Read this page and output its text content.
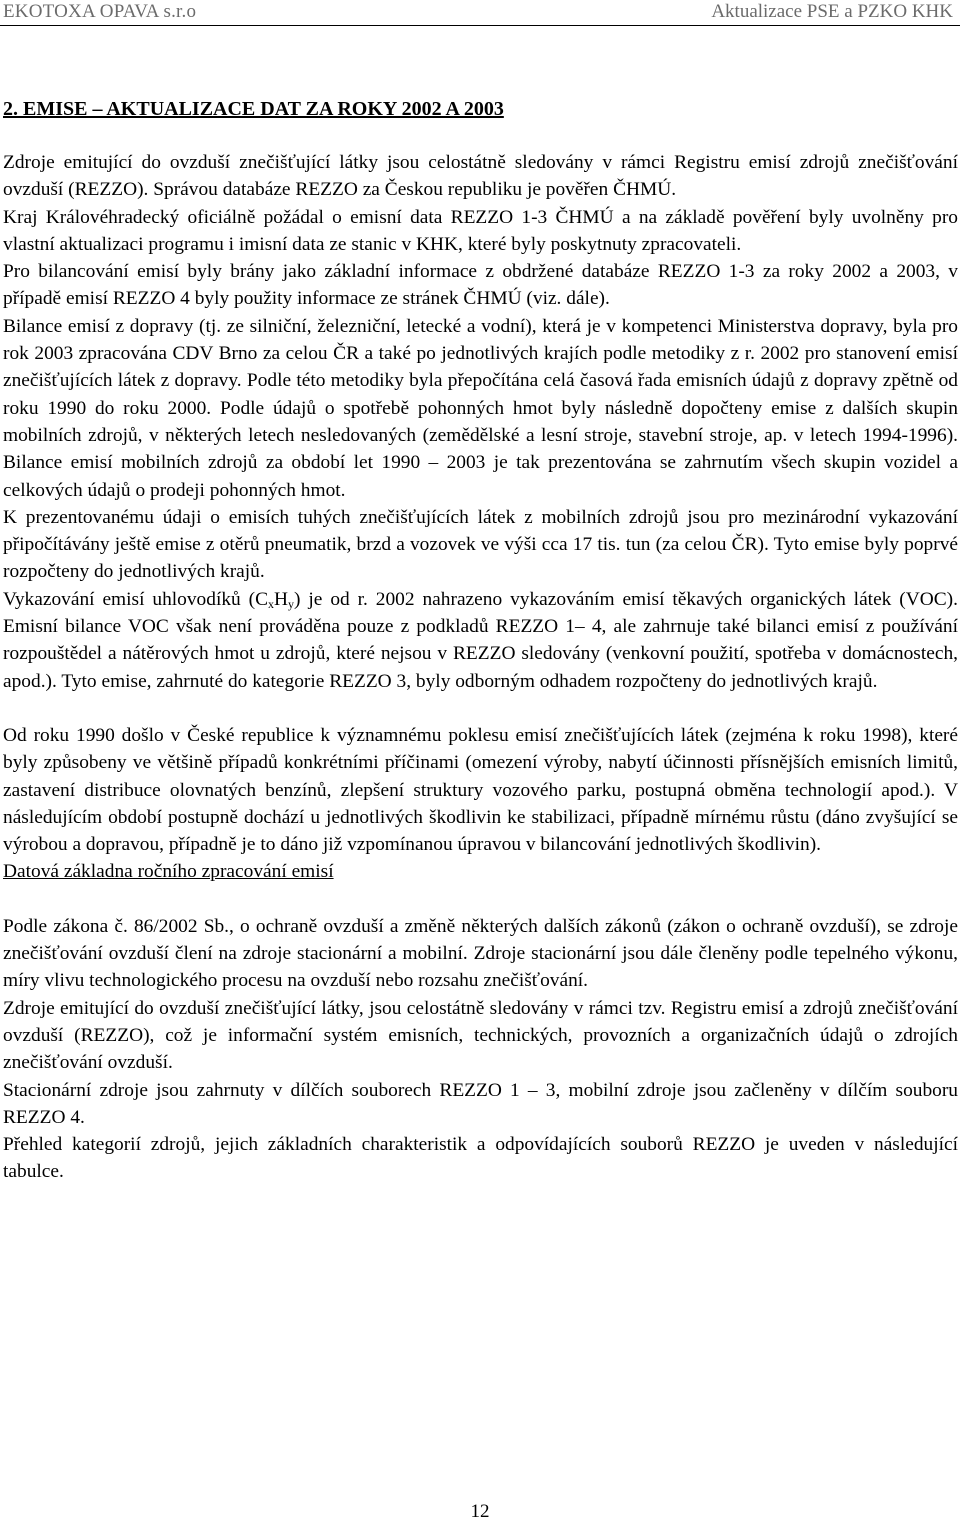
EKOTOXA OPAVA s.r.o	Aktualizace PSE a PZKO KHK
2. EMISE – AKTUALIZACE DAT ZA ROKY 2002 A 2003

Zdroje emitující do ovzduší znečišťující látky jsou celostátně sledovány v rámci Registru emisí zdrojů znečišťování ovzduší (REZZO). Správou databáze REZZO za Českou republiku je pověřen ČHMÚ.

Kraj Královéhradecký oficiálně požádal o emisní data REZZO 1-3 ČHMÚ a na základě pověření byly uvolněny pro vlastní aktualizaci programu i imisní data ze stanic v KHK, které byly poskytnuty zpracovateli.

Pro bilancování emisí byly brány jako základní informace z obdržené databáze REZZO 1-3 za roky 2002 a 2003, v případě emisí REZZO 4 byly použity informace ze stránek ČHMÚ (viz. dále).

Bilance emisí z dopravy (tj. ze silniční, železniční, letecké a vodní), která je v kompetenci Ministerstva dopravy, byla pro rok 2003 zpracována CDV Brno za celou ČR a také po jednotlivých krajích podle metodiky z r. 2002 pro stanovení emisí znečišťujících látek z dopravy. Podle této metodiky byla přepočítána celá časová řada emisních údajů z dopravy zpětně od roku 1990 do roku 2000. Podle údajů o spotřebě pohonných hmot byly následně dopočteny emise z dalších skupin mobilních zdrojů, v některých letech nesledovaných (zemědělské a lesní stroje, stavební stroje, ap. v letech 1994-1996). Bilance emisí mobilních zdrojů za období let 1990 – 2003 je tak prezentována se zahrnutím všech skupin vozidel a celkových údajů o prodeji pohonných hmot.

K prezentovanému údaji o emisích tuhých znečišťujících látek z mobilních zdrojů jsou pro mezinárodní vykazování připočítávány ještě emise z otěrů pneumatik, brzd a vozovek ve výši cca 17 tis. tun (za celou ČR). Tyto emise byly poprvé rozpočteny do jednotlivých krajů.

Vykazování emisí uhlovodíků $(C_xH_y)$ je od r. 2002 nahrazeno vykazováním emisí těkavých organických látek (VOC). Emisní bilance VOC však není prováděna pouze z podkladů REZZO 1– 4, ale zahrnuje také bilanci emisí z používání rozpouštědel a nátěrových hmot u zdrojů, které nejsou v REZZO sledovány (venkovní použití, spotřeba v domácnostech, apod.). Tyto emise, zahrnuté do kategorie REZZO 3, byly odborným odhadem rozpočteny do jednotlivých krajů.

Od roku 1990 došlo v České republice k významnému poklesu emisí znečišťujících látek (zejména k roku 1998), které byly způsobeny ve většině případů konkrétními příčinami (omezení výroby, nabytí účinnosti přísnějších emisních limitů, zastavení distribuce olovnatých benzínů, zlepšení struktury vozového parku, postupná obměna technologií apod.). V následujícím období postupně dochází u jednotlivých škodlivin ke stabilizaci, případně mírnému růstu (dáno zvyšující se výrobou a dopravou, případně je to dáno již vzpomínanou úpravou v bilancování jednotlivých škodlivin).

Datová základna ročního zpracování emisí

Podle zákona č. 86/2002 Sb., o ochraně ovzduší a změně některých dalších zákonů (zákon o ochraně ovzduší), se zdroje znečišťování ovzduší člení na zdroje stacionární a mobilní. Zdroje stacionární jsou dále členěny podle tepelného výkonu, míry vlivu technologického procesu na ovzduší nebo rozsahu znečišťování.

Zdroje emitující do ovzduší znečišťující látky, jsou celostátně sledovány v rámci tzv. Registru emisí a zdrojů znečišťování ovzduší (REZZO), což je informační systém emisních, technických, provozních a organizačních údajů o zdrojích znečišťování ovzduší.

Stacionární zdroje jsou zahrnuty v dílčích souborech REZZO 1 – 3, mobilní zdroje jsou začleněny v dílčím souboru REZZO 4.

Přehled kategorií zdrojů, jejich základních charakteristik a odpovídajících souborů REZZO je uveden v následující tabulce.

12
